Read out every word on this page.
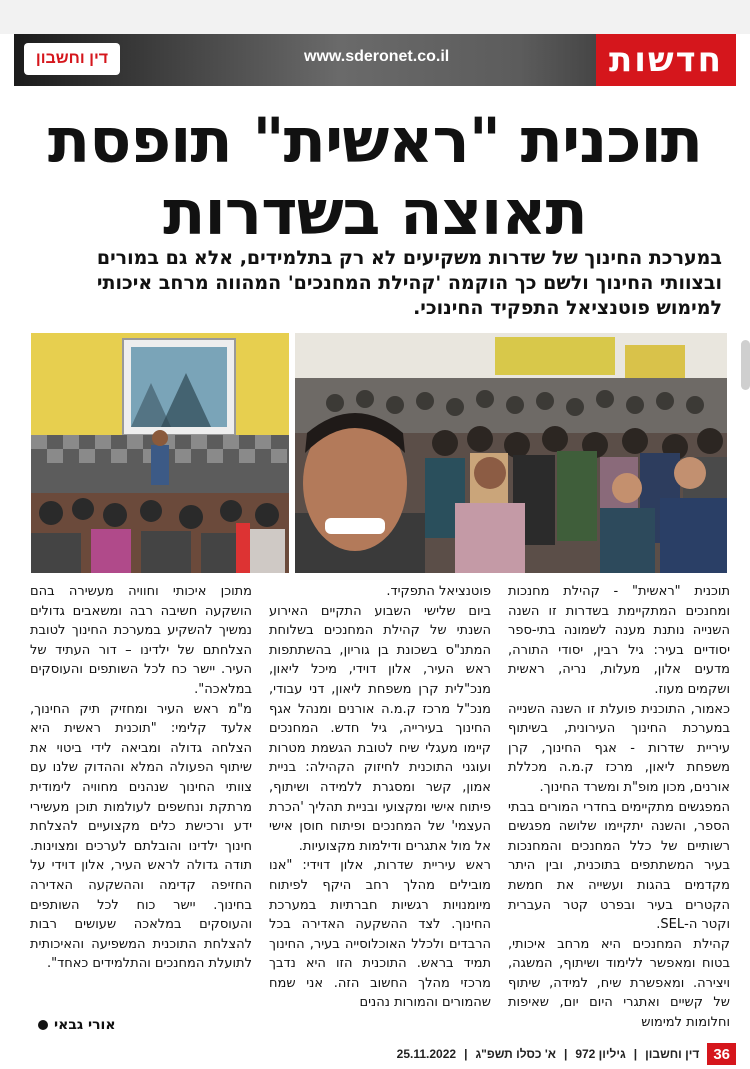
דין וחשבון	www.sderonet.co.il	חדשות
תוכנית "ראשית" תופסת
תאוצה בשדרות
במערכת החינוך של שדרות משקיעים לא רק בתלמידים, אלא גם במורים ובצוותי החינוך ולשם כך הוקמה 'קהילת המחנכים' המהווה מרחב איכותי למימוש פוטנציאל התפקיד החינוכי.

תוכנית "ראשית" - קהילת מחנכות ומחנכים המתקיימת בשדרות זו השנה השנייה נותנת מענה לשמונה בתי-ספר יסודיים בעיר: גיל רבין, יסודי התורה, מדעים אלון, מעלות, נריה, ראשית ושקמים מעוז.

כאמור, התוכנית פועלת זו השנה השנייה במערכת החינוך העירונית, בשיתוף עיריית שדרות - אגף החינוך, קרן משפחת ליאון, מרכז ק.מ.ה מכללת אורנים, מכון מופ"ת ומשרד החינוך.

המפגשים מתקיימים בחדרי המורים בבתי הספר, והשנה יתקיימו שלושה מפגשים רשותיים של כלל המחנכים והמחנכות בעיר המשתתפים בתוכנית, ובין היתר מקדמים בהגות ועשייה את חמשת הקטרים בעיר ובפרט קטר העברית וקטר ה-SEL.

קהילת המחנכים היא מרחב איכותי, בטוח ומאפשר ללימוד ושיתוף, המשגה, ויצירה. ומאפשרת שיח, למידה, שיתוף של קשיים ואתגרי היום יום, שאיפות וחלומות למימוש

פוטנציאל התפקיד.

ביום שלישי השבוע התקיים האירוע השנתי של קהילת המחנכים בשלוחת המתנ"ס בשכונת בן גוריון, בהשתתפות ראש העיר, אלון דוידי, מיכל ליאון, מנכ"לית קרן משפחת ליאון, דני עבודי, מנכ"ל מרכז ק.מ.ה אורנים ומנהל אגף החינוך בעירייה, גיל חדש. המחנכים קיימו מעגלי שיח לטובת הגשמת מטרות ועוגני התוכנית לחיזוק הקהילה: בניית אמון, קשר ומסגרת ללמידה ושיתוף, פיתוח אישי ומקצועי ובניית תהליך 'הכרת העצמי' של המחנכים ופיתוח חוסן אישי אל מול אתגרים ודילמות מקצועיות.

ראש עיריית שדרות, אלון דוידי: "אנו מובילים מהלך רחב היקף לפיתוח מיומנויות רגשיות חברתיות במערכת החינוך. לצד ההשקעה האדירה בכל הרבדים ולכלל האוכלוסייה בעיר, החינוך תמיד בראש. התוכנית הזו היא נדבך מרכזי מהלך החשוב הזה. אני שמח שהמורים והמורות נהנים

מתוכן איכותי וחוויה מעשירה בהם הושקעה חשיבה רבה ומשאבים גדולים נמשיך להשקיע במערכת החינוך לטובת הצלחתם של ילדינו – דור העתיד של העיר. יישר כח לכל השותפים והעוסקים במלאכה".

מ"מ ראש העיר ומחזיק תיק החינוך, אלעד קלימי: "תוכנית ראשית היא הצלחה גדולה ומביאה לידי ביטוי את שיתוף הפעולה המלא וההדוק שלנו עם צוותי החינוך שנהנים מחוויה לימודית מרתקת ונחשפים לעולמות תוכן מעשירי ידע ורכישת כלים מקצועיים להצלחת חינוך ילדינו והובלתם לערכים ומצוינות. תודה גדולה לראש העיר, אלון דוידי על החזיפה קדימה וההשקעה האדירה בחינוך. יישר כוח לכל השותפים והעוסקים במלאכה שעושים רבות להצלחת התוכנית המשפיעה והאיכותית לתועלת המחנכים והתלמידים כאחד".

אורי גבאי
36
דין וחשבון
|
גיליון 972
|
א' כסלו תשפ"ג
|
25.11.2022
